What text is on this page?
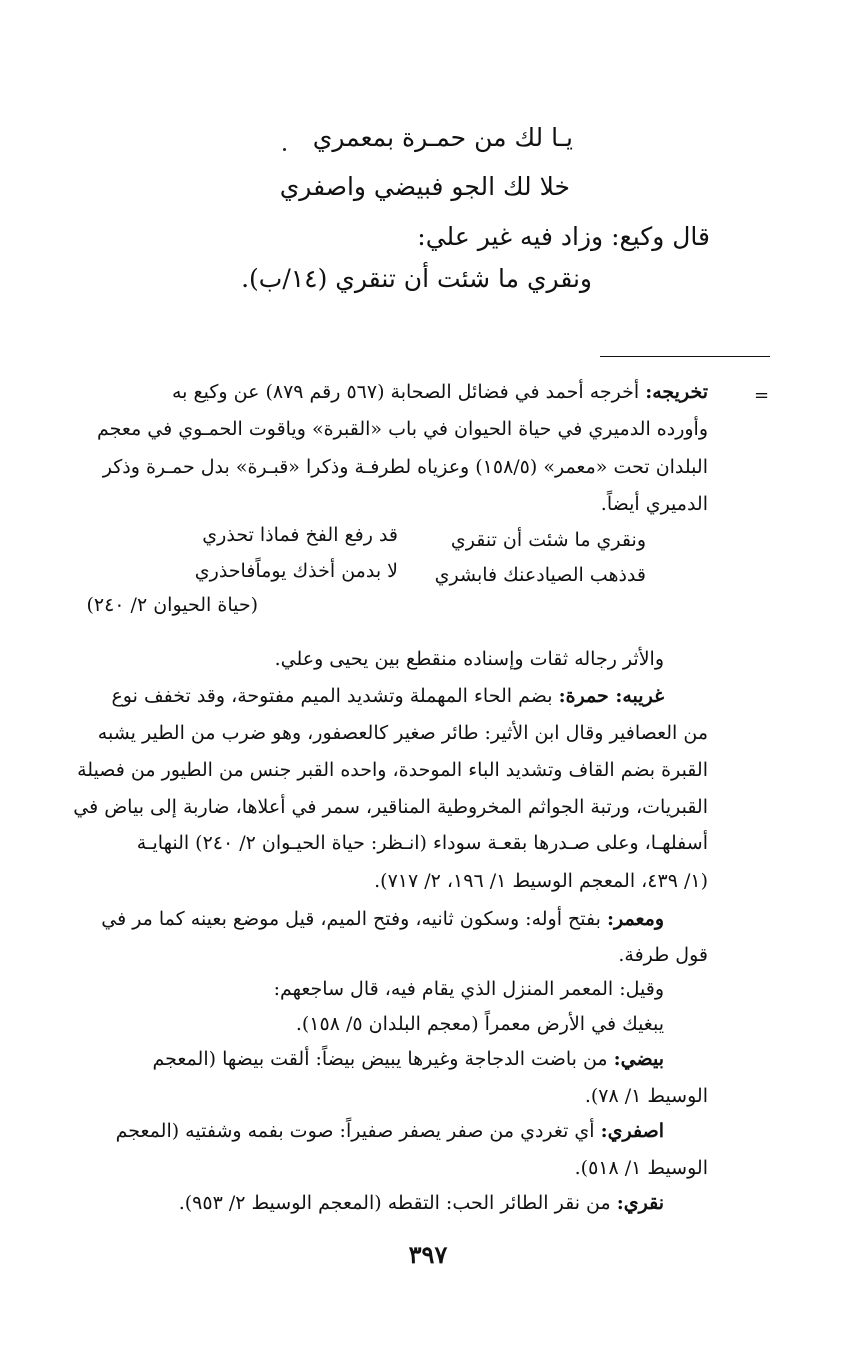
يـا لك من حمـرة بمعمري
خلا لك الجو فبيضي واصفري
قال وكيع: وزاد فيه غير علي:
ونقري ما شئت أن تنقري (١٤/ب).
=
تخريجه: أخرجه أحمد في فضائل الصحابة (٥٦٧ رقم ٨٧٩) عن وكيع به
وأورده الدميري في حياة الحيوان في باب «القبرة» وياقوت الحمـوي في معجم
البلدان تحت «معمر» (١٥٨/٥) وعزياه لطرفـة وذكرا «قبـرة» بدل حمـرة وذكر
الدميري أيضاً.
ونقري ما شئت أن تنقري
قد رفع الفخ فماذا تحذري
قدذهب الصيادعنك فابشري
لا بدمن أخذك يوماًفاحذري
(حياة الحيوان ٢/ ٢٤٠)
والأثر رجاله ثقات وإسناده منقطع بين يحيى وعلي.
غريبه: حمرة: بضم الحاء المهملة وتشديد الميم مفتوحة، وقد تخفف نوع
من العصافير وقال ابن الأثير: طائر صغير كالعصفور، وهو ضرب من الطير يشبه
القبرة بضم القاف وتشديد الباء الموحدة، واحده القبر جنس من الطيور من فصيلة
القبريات، ورتبة الجواثم المخروطية المناقير، سمر في أعلاها، ضاربة إلى بياض في
أسفلهـا، وعلى صـدرها بقعـة سوداء (انـظر: حياة الحيـوان ٢/ ٢٤٠) النهايـة
(١/ ٤٣٩، المعجم الوسيط ١/ ١٩٦، ٢/ ٧١٧).
ومعمر: بفتح أوله: وسكون ثانيه، وفتح الميم، قيل موضع بعينه كما مر في
قول طرفة.
وقيل: المعمر المنزل الذي يقام فيه، قال ساجعهم:
يبغيك في الأرض معمراً (معجم البلدان ٥/ ١٥٨).
بيضي: من باضت الدجاجة وغيرها يبيض بيضاً: ألقت بيضها (المعجم
الوسيط ١/ ٧٨).
اصفري: أي تغردي من صفر يصفر صفيراً: صوت بفمه وشفتيه (المعجم
الوسيط ١/ ٥١٨).
نقري: من نقر الطائر الحب: التقطه (المعجم الوسيط ٢/ ٩٥٣).
٣٩٧
